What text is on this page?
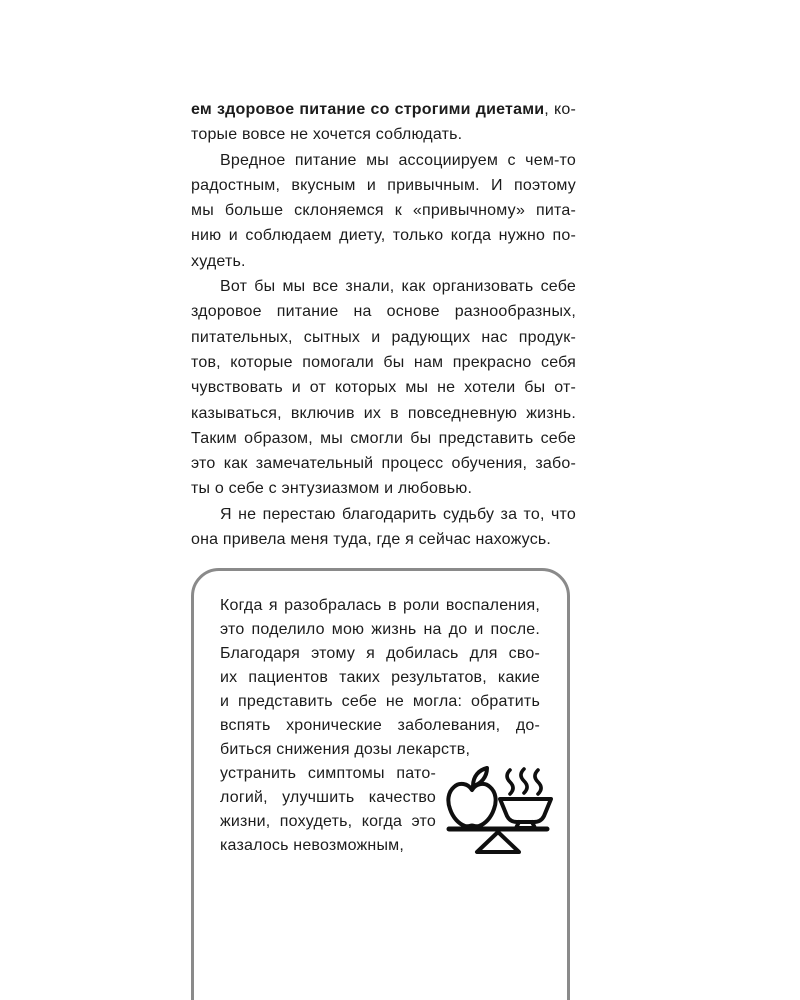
ем здоровое питание со строгими диетами, ко-
торые вовсе не хочется соблюдать.
Вредное питание мы ассоциируем с чем-то
радостным, вкусным и привычным. И поэтому
мы больше склоняемся к «привычному» пита-
нию и соблюдаем диету, только когда нужно по-
худеть.
Вот бы мы все знали, как организовать себе
здоровое питание на основе разнообразных,
питательных, сытных и радующих нас продук-
тов, которые помогали бы нам прекрасно себя
чувствовать и от которых мы не хотели бы от-
казываться, включив их в повседневную жизнь.
Таким образом, мы смогли бы представить себе
это как замечательный процесс обучения, забо-
ты о себе с энтузиазмом и любовью.
Я не перестаю благодарить судьбу за то, что
она привела меня туда, где я сейчас нахожусь.
Когда я разобралась в роли воспаления,
это поделило мою жизнь на до и после.
Благодаря этому я добилась для сво-
их пациентов таких результатов, какие
и представить себе не могла: обратить
вспять хронические заболевания, до-
биться снижения дозы лекарств,
устранить симптомы пато-
логий, улучшить качество
жизни, похудеть, когда это
казалось невозможным,
